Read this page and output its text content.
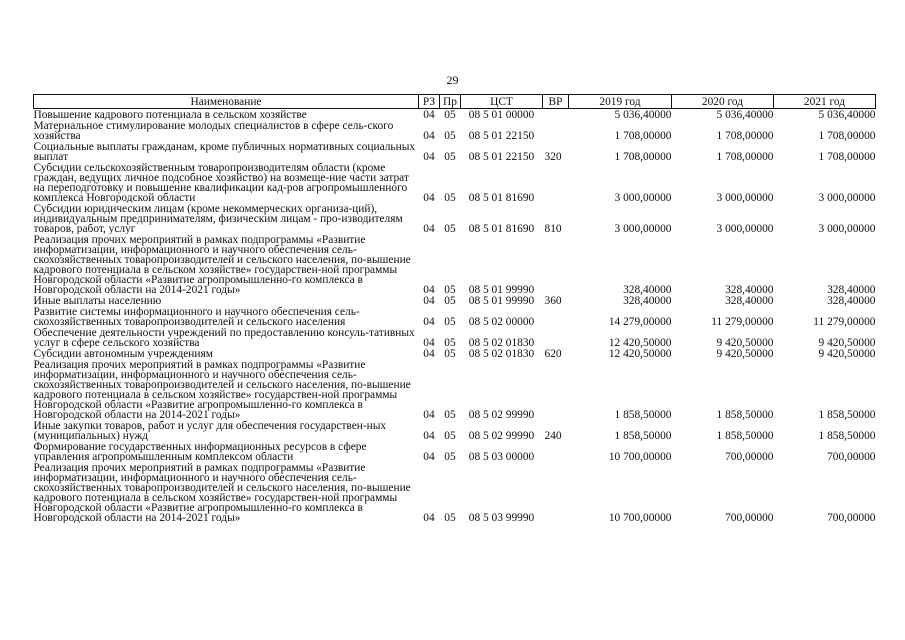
29
Наименование	РЗ	Пр	ЦСТ	ВР	2019 год	2020 год	2021 год
Повышение кадрового потенциала в сельском хозяйстве	04	05	08 5 01 00000		5 036,40000	5 036,40000	5 036,40000
Материальное стимулирование молодых специалистов в сфере сель-ского хозяйства	04	05	08 5 01 22150		1 708,00000	1 708,00000	1 708,00000
Социальные выплаты гражданам, кроме публичных нормативных социальных выплат	04	05	08 5 01 22150	320	1 708,00000	1 708,00000	1 708,00000
Субсидии сельскохозяйственным товаропроизводителям области (кроме граждан, ведущих личное подсобное хозяйство) на возмеще-ние части затрат на переподготовку и повышение квалификации кад-ров агропромышленного комплекса Новгородской области	04	05	08 5 01 81690		3 000,00000	3 000,00000	3 000,00000
Субсидии юридическим лицам (кроме некоммерческих организа-ций), индивидуальным предпринимателям, физическим лицам - про-изводителям товаров, работ, услуг	04	05	08 5 01 81690	810	3 000,00000	3 000,00000	3 000,00000
Реализация прочих мероприятий в рамках подпрограммы «Развитие информатизации, информационного и научного обеспечения сель-скохозяйственных товаропроизводителей и сельского населения, по-вышение кадрового потенциала в сельском хозяйстве» государствен-ной программы Новгородской области «Развитие агропромышленно-го комплекса в Новгородской области на 2014-2021 годы»	04	05	08 5 01 99990		328,40000	328,40000	328,40000
Иные выплаты населению	04	05	08 5 01 99990	360	328,40000	328,40000	328,40000
Развитие системы информационного и научного обеспечения сель-скохозяйственных товаропроизводителей и сельского населения	04	05	08 5 02 00000		14 279,00000	11 279,00000	11 279,00000
Обеспечение деятельности учреждений по предоставлению консуль-тативных услуг в сфере сельского хозяйства	04	05	08 5 02 01830		12 420,50000	9 420,50000	9 420,50000
Субсидии автономным учреждениям	04	05	08 5 02 01830	620	12 420,50000	9 420,50000	9 420,50000
Реализация прочих мероприятий в рамках подпрограммы «Развитие информатизации, информационного и научного обеспечения сель-скохозяйственных товаропроизводителей и сельского населения, по-вышение кадрового потенциала в сельском хозяйстве» государствен-ной программы Новгородской области «Развитие агропромышленно-го комплекса в Новгородской области на 2014-2021 годы»	04	05	08 5 02 99990		1 858,50000	1 858,50000	1 858,50000
Иные закупки товаров, работ и услуг для обеспечения государствен-ных (муниципальных) нужд	04	05	08 5 02 99990	240	1 858,50000	1 858,50000	1 858,50000
Формирование государственных информационных ресурсов в сфере управления агропромышленным комплексом области	04	05	08 5 03 00000		10 700,00000	700,00000	700,00000
Реализация прочих мероприятий в рамках подпрограммы «Развитие информатизации, информационного и научного обеспечения сель-скохозяйственных товаропроизводителей и сельского населения, по-вышение кадрового потенциала в сельском хозяйстве» государствен-ной программы Новгородской области «Развитие агропромышленно-го комплекса в Новгородской области на 2014-2021 годы»	04	05	08 5 03 99990		10 700,00000	700,00000	700,00000
